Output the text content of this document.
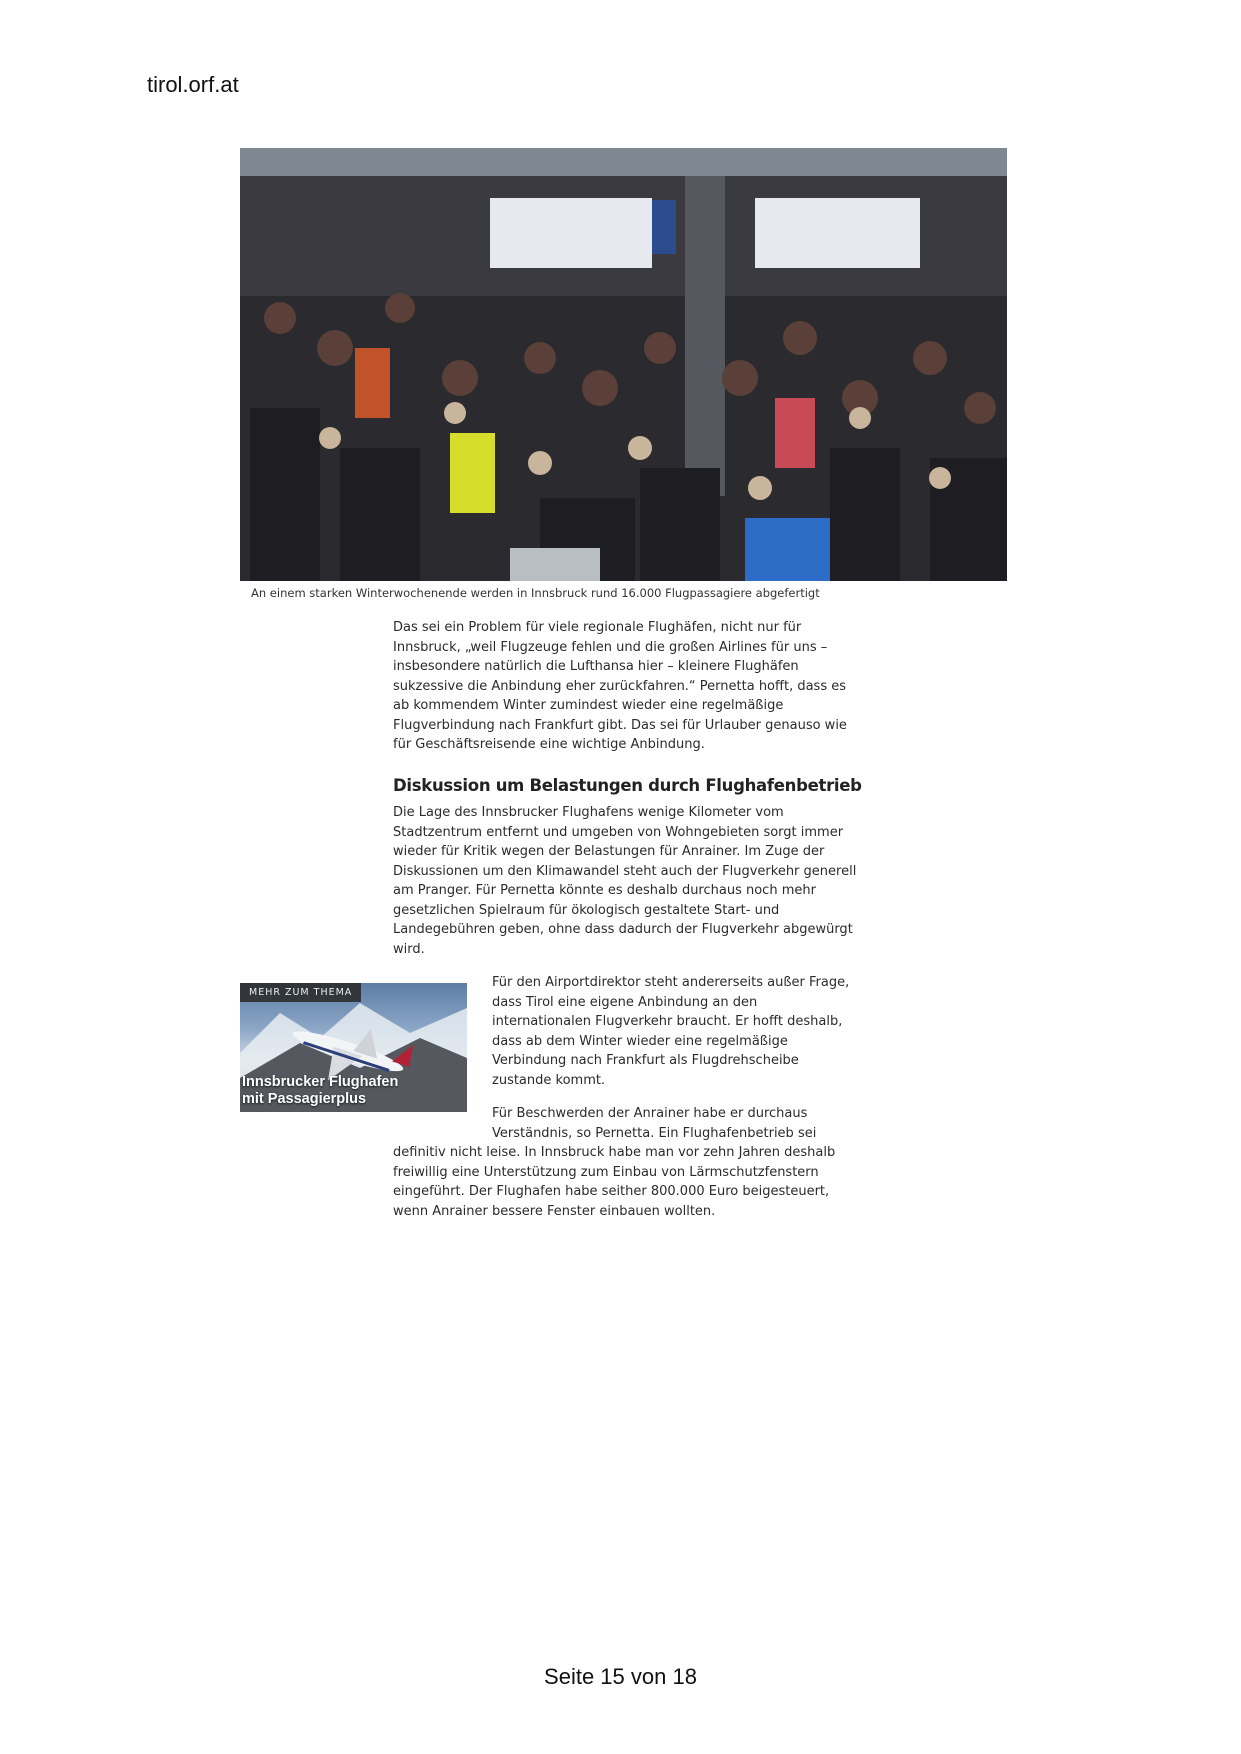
tirol.orf.at
An einem starken Winterwochenende werden in Innsbruck rund 16.000 Flugpassagiere abgefertigt

Das sei ein Problem für viele regionale Flughäfen, nicht nur für
Innsbruck, „weil Flugzeuge fehlen und die großen Airlines für uns –
insbesondere natürlich die Lufthansa hier – kleinere Flughäfen
sukzessive die Anbindung eher zurückfahren.“ Pernetta hofft, dass es
ab kommendem Winter zumindest wieder eine regelmäßige
Flugverbindung nach Frankfurt gibt. Das sei für Urlauber genauso wie
für Geschäftsreisende eine wichtige Anbindung.

Diskussion um Belastungen durch Flughafenbetrieb

Die Lage des Innsbrucker Flughafens wenige Kilometer vom
Stadtzentrum entfernt und umgeben von Wohngebieten sorgt immer
wieder für Kritik wegen der Belastungen für Anrainer. Im Zuge der
Diskussionen um den Klimawandel steht auch der Flugverkehr generell
am Pranger. Für Pernetta könnte es deshalb durchaus noch mehr
gesetzlichen Spielraum für ökologisch gestaltete Start- und
Landegebühren geben, ohne dass dadurch der Flugverkehr abgewürgt
wird.

MEHR ZUM THEMA
Innsbrucker Flughafen mit Passagierplus

Für den Airportdirektor steht andererseits außer Frage,
dass Tirol eine eigene Anbindung an den
internationalen Flugverkehr braucht. Er hofft deshalb,
dass ab dem Winter wieder eine regelmäßige
Verbindung nach Frankfurt als Flugdrehscheibe
zustande kommt.

Für Beschwerden der Anrainer habe er durchaus
Verständnis, so Pernetta. Ein Flughafenbetrieb sei

definitiv nicht leise. In Innsbruck habe man vor zehn Jahren deshalb
freiwillig eine Unterstützung zum Einbau von Lärmschutzfenstern
eingeführt. Der Flughafen habe seither 800.000 Euro beigesteuert,
wenn Anrainer bessere Fenster einbauen wollten.

Seite 15 von 18
